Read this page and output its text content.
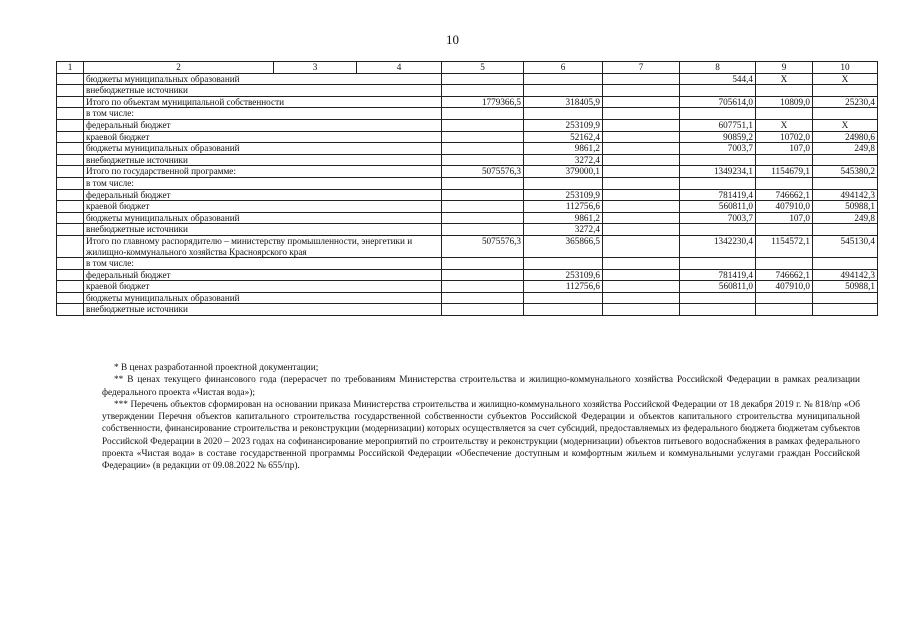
10
1	2	3	4	5	6	7	8	9	10
	бюджеты муниципальных образований						544,4	Х	Х
	внебюджетные источники								
	Итого по объектам муниципальной собственности			1779366,5	318405,9		705614,0	10809,0	25230,4
	в том числе:								
	федеральный бюджет				253109,9		607751,1	Х	Х
	краевой бюджет				52162,4		90859,2	10702,0	24980,6
	бюджеты муниципальных образований				9861,2		7003,7	107,0	249,8
	внебюджетные источники				3272,4				
	Итого по государственной программе:			5075576,3	379000,1		1349234,1	1154679,1	545380,2
	в том числе:								
	федеральный бюджет				253109,9		781419,4	746662,1	494142,3
	краевой бюджет				112756,6		560811,0	407910,0	50988,1
	бюджеты муниципальных образований				9861,2		7003,7	107,0	249,8
	внебюджетные источники				3272,4				
	Итого по главному распорядителю – министерству промышленности, энергетики и жилищно-коммунального хозяйства Красноярского края			5075576,3	365866,5		1342230,4	1154572,1	545130,4
	в том числе:								
	федеральный бюджет				253109,6		781419,4	746662,1	494142,3
	краевой бюджет				112756,6		560811,0	407910,0	50988,1
	бюджеты муниципальных образований								
	внебюджетные источники								

* В ценах разработанной проектной документации;

** В ценах текущего финансового года (перерасчет по требованиям Министерства строительства и жилищно-коммунального хозяйства Российской Федерации в рамках реализации федерального проекта «Чистая вода»);

*** Перечень объектов сформирован на основании приказа Министерства строительства и жилищно-коммунального хозяйства Российской Федерации от 18 декабря 2019 г. № 818/пр «Об утверждении Перечня объектов капитального строительства государственной собственности субъектов Российской Федерации и объектов капитального строительства муниципальной собственности, финансирование строительства и реконструкции (модернизации) которых осуществляется за счет субсидий, предоставляемых из федерального бюджета бюджетам субъектов Российской Федерации в 2020 – 2023 годах на софинансирование мероприятий по строительству и реконструкции (модернизации) объектов питьевого водоснабжения в рамках федерального проекта «Чистая вода» в составе государственной программы Российской Федерации «Обеспечение доступным и комфортным жильем и коммунальными услугами граждан Российской Федерации» (в редакции от 09.08.2022 № 655/пр).
